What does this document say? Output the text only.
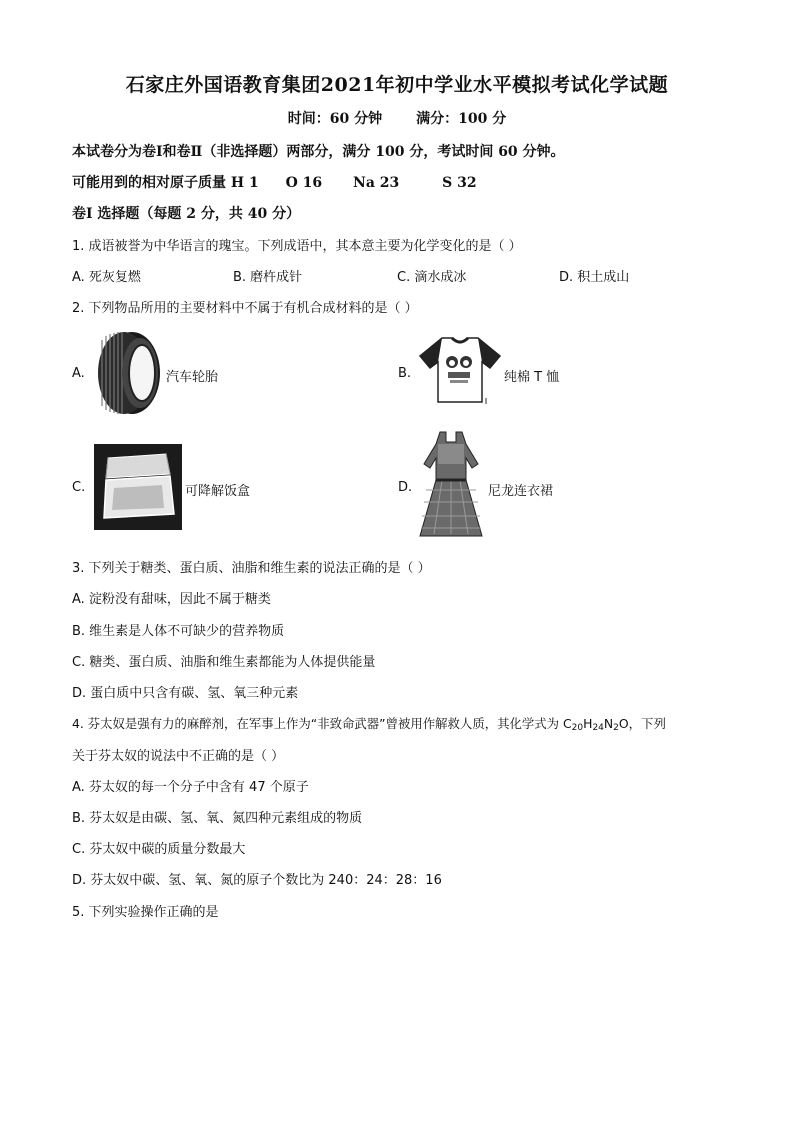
石家庄外国语教育集团2021年初中学业水平模拟考试化学试题
时间：60 分钟 满分：100 分
本试卷分为卷Ⅰ和卷Ⅱ（非选择题）两部分，满分 100 分，考试时间 60 分钟。
可能用到的相对原子质量 H 1 O 16 Na 23	S 32
卷Ⅰ 选择题（每题 2 分，共 40 分）
1. 成语被誉为中华语言的瑰宝。下列成语中，其本意主要为化学变化的是（ ）
A. 死灰复燃	B. 磨杵成针	C. 滴水成冰	D. 积土成山
2. 下列物品所用的主要材料中不属于有机合成材料的是（ ）
A.	汽车轮胎	B.	纯棉 T 恤
C.	可降解饭盒	D.	尼龙连衣裙
3. 下列关于糖类、蛋白质、油脂和维生素的说法正确的是（ ）
A. 淀粉没有甜味，因此不属于糖类
B. 维生素是人体不可缺少的营养物质
C. 糖类、蛋白质、油脂和维生素都能为人体提供能量
D. 蛋白质中只含有碳、氢、氧三种元素
4. 芬太奴是强有力的麻醉剂，在军事上作为“非致命武器”曾被用作解救人质，其化学式为 $C_{20}H_{24}N_2O$，下列
关于芬太奴的说法中不正确的是（ ）
A. 芬太奴的每一个分子中含有 47 个原子
B. 芬太奴是由碳、氢、氧、氮四种元素组成的物质
C. 芬太奴中碳的质量分数最大
D. 芬太奴中碳、氢、氧、氮的原子个数比为 240：24：28：16
5. 下列实验操作正确的是
